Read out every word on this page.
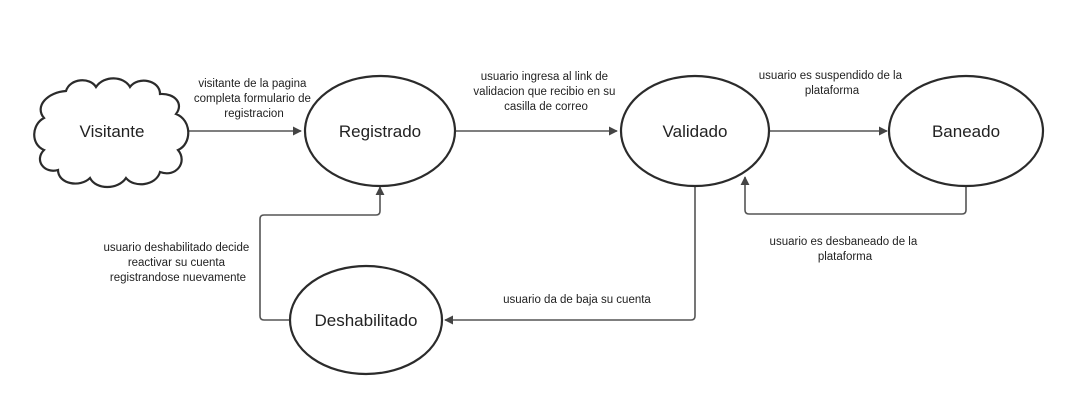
Visitante	Registrado	Validado	Baneado
Deshabilitado
visitante de la pagina completa formulario de registracion
usuario ingresa al link de validacion que recibio en su casilla de correo
usuario es suspendido de la plataforma
usuario es desbaneado de la plataforma
usuario da de baja su cuenta
usuario deshabilitado decide reactivar su cuenta registrandose nuevamente
